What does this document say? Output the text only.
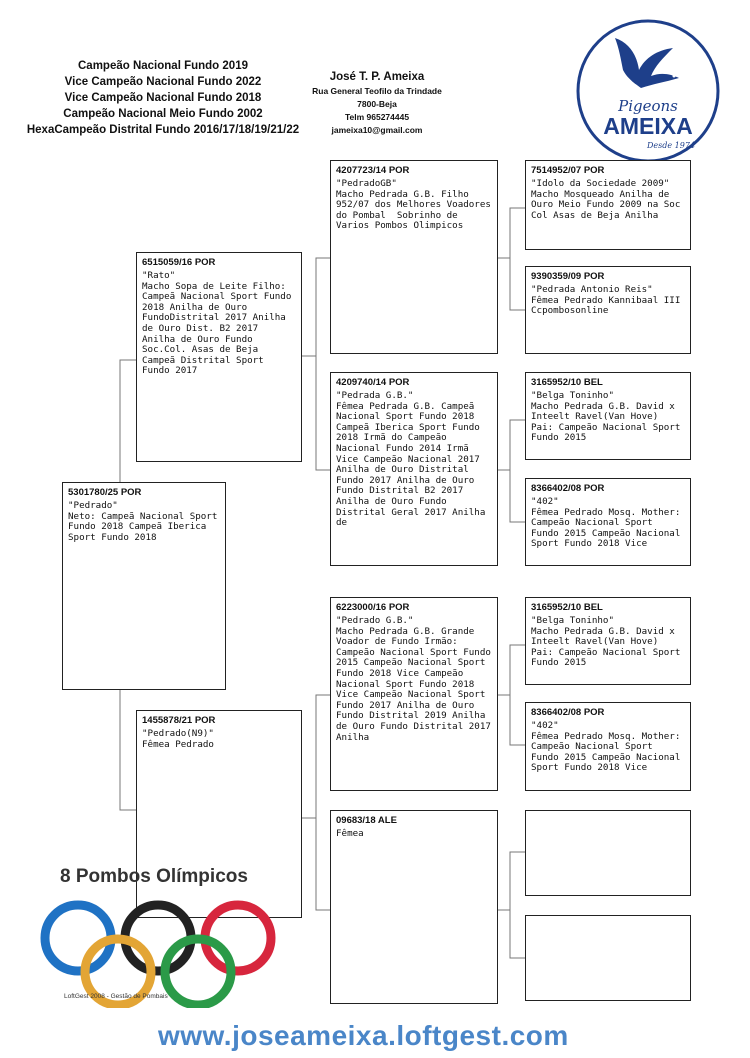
Campeão Nacional Fundo 2019
Vice Campeão Nacional Fundo 2022
Vice Campeão Nacional Fundo 2018
Campeão Nacional Meio Fundo 2002
HexaCampeão Distrital Fundo 2016/17/18/19/21/22
José T. P. Ameixa
Rua General Teofilo da Trindade
7800-Beja
Telm 965274445
jameixa10@gmail.com
Pigeons
AMEIXA
Desde 1974
5301780/25 POR
"Pedrado"
Neto: Campeã Nacional Sport Fundo 2018 Campeã Iberica Sport Fundo 2018
6515059/16 POR
"Rato"
Macho Sopa de Leite Filho: Campeã Nacional Sport Fundo 2018 Anilha de Ouro FundoDistrital 2017 Anilha de Ouro Dist. B2 2017 Anilha de Ouro Fundo Soc.Col. Asas de Beja Campeã Distrital Sport Fundo 2017
1455878/21 POR
"Pedrado(N9)"
Fêmea Pedrado
4207723/14 POR
"PedradoGB"
Macho Pedrada G.B. Filho 952/07 dos Melhores Voadores do Pombal  Sobrinho de Varios Pombos Olimpicos
4209740/14 POR
"Pedrada G.B."
Fêmea Pedrada G.B. Campeã Nacional Sport Fundo 2018 Campeã Iberica Sport Fundo 2018 Irmã do Campeão Nacional Fundo 2014 Irmã Vice Campeão Nacional 2017 Anilha de Ouro Distrital Fundo 2017 Anilha de Ouro Fundo Distrital B2 2017 Anilha de Ouro Fundo Distrital Geral 2017 Anilha de
6223000/16 POR
"Pedrado G.B."
Macho Pedrada G.B. Grande Voador de Fundo Irmão: Campeão Nacional Sport Fundo 2015 Campeão Nacional Sport Fundo 2018 Vice Campeão Nacional Sport Fundo 2018 Vice Campeão Nacional Sport Fundo 2017 Anilha de Ouro Fundo Distrital 2019 Anilha de Ouro Fundo Distrital 2017 Anilha
09683/18 ALE
Fêmea
7514952/07 POR
"Idolo da Sociedade 2009"
Macho Mosqueado Anilha de Ouro Meio Fundo 2009 na Soc Col Asas de Beja Anilha
9390359/09 POR
"Pedrada Antonio Reis"
Fêmea Pedrado Kannibaal III Ccpombosonline
3165952/10 BEL
"Belga Toninho"
Macho Pedrada G.B. David x Inteelt Ravel(Van Hove) Pai: Campeão Nacional Sport Fundo 2015
8366402/08 POR
"402"
Fêmea Pedrado Mosq. Mother: Campeão Nacional Sport Fundo 2015 Campeão Nacional Sport Fundo 2018 Vice
3165952/10 BEL
"Belga Toninho"
Macho Pedrada G.B. David x Inteelt Ravel(Van Hove) Pai: Campeão Nacional Sport Fundo 2015
8366402/08 POR
"402"
Fêmea Pedrado Mosq. Mother: Campeão Nacional Sport Fundo 2015 Campeão Nacional Sport Fundo 2018 Vice
8 Pombos Olímpicos
LoftGest 2008 - Gestão de Pombais
www.joseameixa.loftgest.com
